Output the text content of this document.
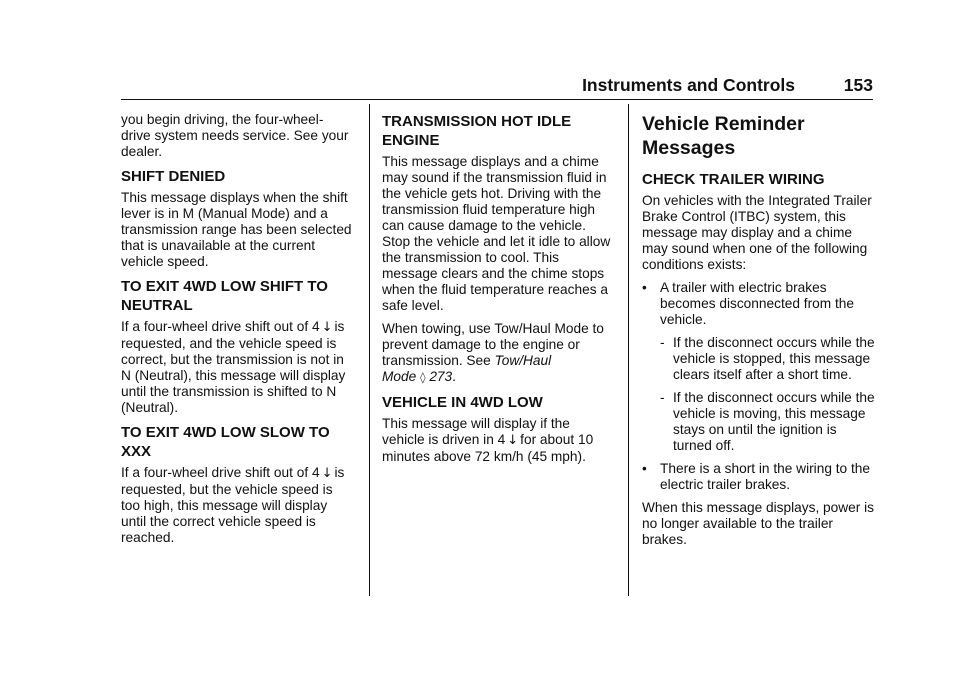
Instruments and Controls	153

you begin driving, the four-wheel-drive system needs service. See your dealer.

SHIFT DENIED

This message displays when the shift lever is in M (Manual Mode) and a transmission range has been selected that is unavailable at the current vehicle speed.

TO EXIT 4WD LOW SHIFT TO NEUTRAL

If a four-wheel drive shift out of 4 ↓ is requested, and the vehicle speed is correct, but the transmission is not in N (Neutral), this message will display until the transmission is shifted to N (Neutral).

TO EXIT 4WD LOW SLOW TO XXX

If a four-wheel drive shift out of 4 ↓ is requested, but the vehicle speed is too high, this message will display until the correct vehicle speed is reached.

TRANSMISSION HOT IDLE ENGINE

This message displays and a chime may sound if the transmission fluid in the vehicle gets hot. Driving with the transmission fluid temperature high can cause damage to the vehicle. Stop the vehicle and let it idle to allow the transmission to cool. This message clears and the chime stops when the fluid temperature reaches a safe level.

When towing, use Tow/Haul Mode to prevent damage to the engine or transmission. See Tow/Haul Mode ◊ 273.

VEHICLE IN 4WD LOW

This message will display if the vehicle is driven in 4 ↓ for about 10 minutes above 72 km/h (45 mph).

Vehicle Reminder Messages
CHECK TRAILER WIRING

On vehicles with the Integrated Trailer Brake Control (ITBC) system, this message may display and a chime may sound when one of the following conditions exists:

• A trailer with electric brakes becomes disconnected from the vehicle.
- If the disconnect occurs while the vehicle is stopped, this message clears itself after a short time.
- If the disconnect occurs while the vehicle is moving, this message stays on until the ignition is turned off.
• There is a short in the wiring to the electric trailer brakes.

When this message displays, power is no longer available to the trailer brakes.
